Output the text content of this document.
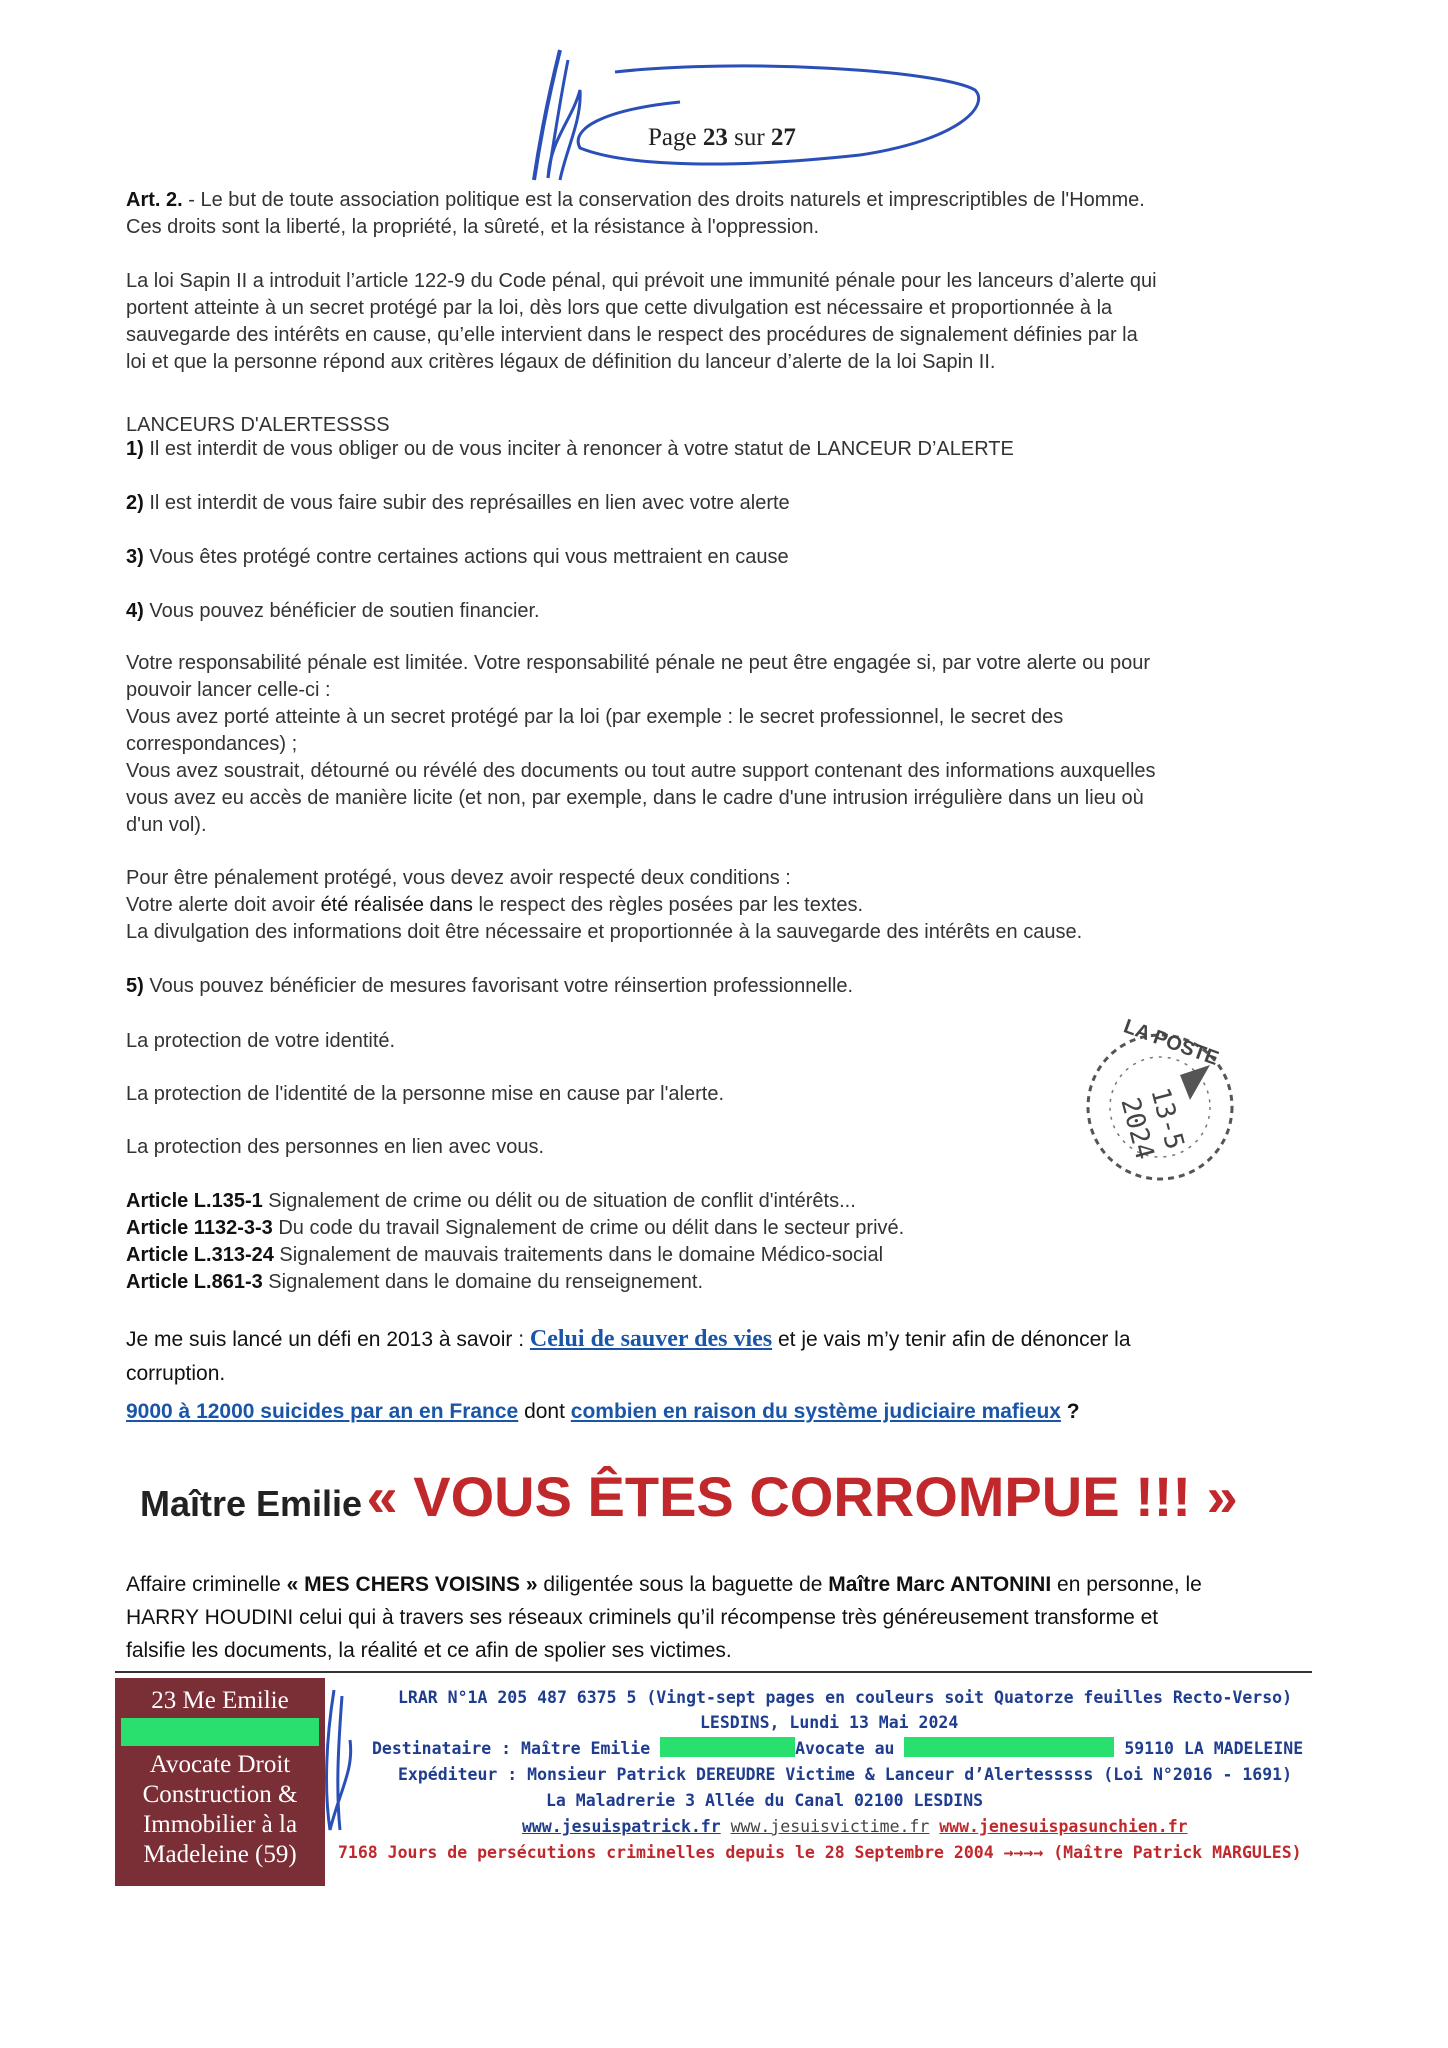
Page 23 sur 27
Art. 2. - Le but de toute association politique est la conservation des droits naturels et imprescriptibles de l'Homme.
Ces droits sont la liberté, la propriété, la sûreté, et la résistance à l'oppression.
La loi Sapin II a introduit l’article 122-9 du Code pénal, qui prévoit une immunité pénale pour les lanceurs d’alerte qui
portent atteinte à un secret protégé par la loi, dès lors que cette divulgation est nécessaire et proportionnée à la
sauvegarde des intérêts en cause, qu’elle intervient dans le respect des procédures de signalement définies par la
loi et que la personne répond aux critères légaux de définition du lanceur d’alerte de la loi Sapin II.
LANCEURS D'ALERTESSSS
1) Il est interdit de vous obliger ou de vous inciter à renoncer à votre statut de LANCEUR D’ALERTE
2) Il est interdit de vous faire subir des représailles en lien avec votre alerte
3) Vous êtes protégé contre certaines actions qui vous mettraient en cause
4) Vous pouvez bénéficier de soutien financier.
Votre responsabilité pénale est limitée. Votre responsabilité pénale ne peut être engagée si, par votre alerte ou pour
pouvoir lancer celle-ci :
Vous avez porté atteinte à un secret protégé par la loi (par exemple : le secret professionnel, le secret des
correspondances) ;
Vous avez soustrait, détourné ou révélé des documents ou tout autre support contenant des informations auxquelles
vous avez eu accès de manière licite (et non, par exemple, dans le cadre d'une intrusion irrégulière dans un lieu où
d'un vol).
Pour être pénalement protégé, vous devez avoir respecté deux conditions :
Votre alerte doit avoir été réalisée dans le respect des règles posées par les textes.
La divulgation des informations doit être nécessaire et proportionnée à la sauvegarde des intérêts en cause.
5) Vous pouvez bénéficier de mesures favorisant votre réinsertion professionnelle.
La protection de votre identité.
La protection de l'identité de la personne mise en cause par l'alerte.
La protection des personnes en lien avec vous.
LA POSTE
13-5
2024
Article L.135-1 Signalement de crime ou délit ou de situation de conflit d'intérêts...
Article 1132-3-3 Du code du travail Signalement de crime ou délit dans le secteur privé.
Article L.313-24 Signalement de mauvais traitements dans le domaine Médico-social
Article L.861-3 Signalement dans le domaine du renseignement.
Je me suis lancé un défi en 2013 à savoir : Celui de sauver des vies et je vais m’y tenir afin de dénoncer la
corruption.
9000 à 12000 suicides par an en France dont combien en raison du système judiciaire mafieux ?
Maître Emilie « VOUS ÊTES CORROMPUE !!! »
Affaire criminelle « MES CHERS VOISINS » diligentée sous la baguette de Maître Marc ANTONINI en personne, le
HARRY HOUDINI celui qui à travers ses réseaux criminels qu’il récompense très généreusement transforme et
falsifie les documents, la réalité et ce afin de spolier ses victimes.
23 Me Emilie
Avocate Droit
Construction &
Immobilier à la
Madeleine (59)
LRAR N°1A 205 487 6375 5 (Vingt-sept pages en couleurs soit Quatorze feuilles Recto-Verso)
LESDINS, Lundi 13 Mai 2024
Destinataire : Maître Emilie	Avocate au	59110 LA MADELEINE
Expéditeur : Monsieur Patrick DEREUDRE Victime & Lanceur d’Alertesssss (Loi N°2016 - 1691)
La Maladrerie 3 Allée du Canal 02100 LESDINS
www.jesuispatrick.fr www.jesuisvictime.fr www.jenesuispasunchien.fr
7168 Jours de persécutions criminelles depuis le 28 Septembre 2004 →→→→ (Maître Patrick MARGULES)
